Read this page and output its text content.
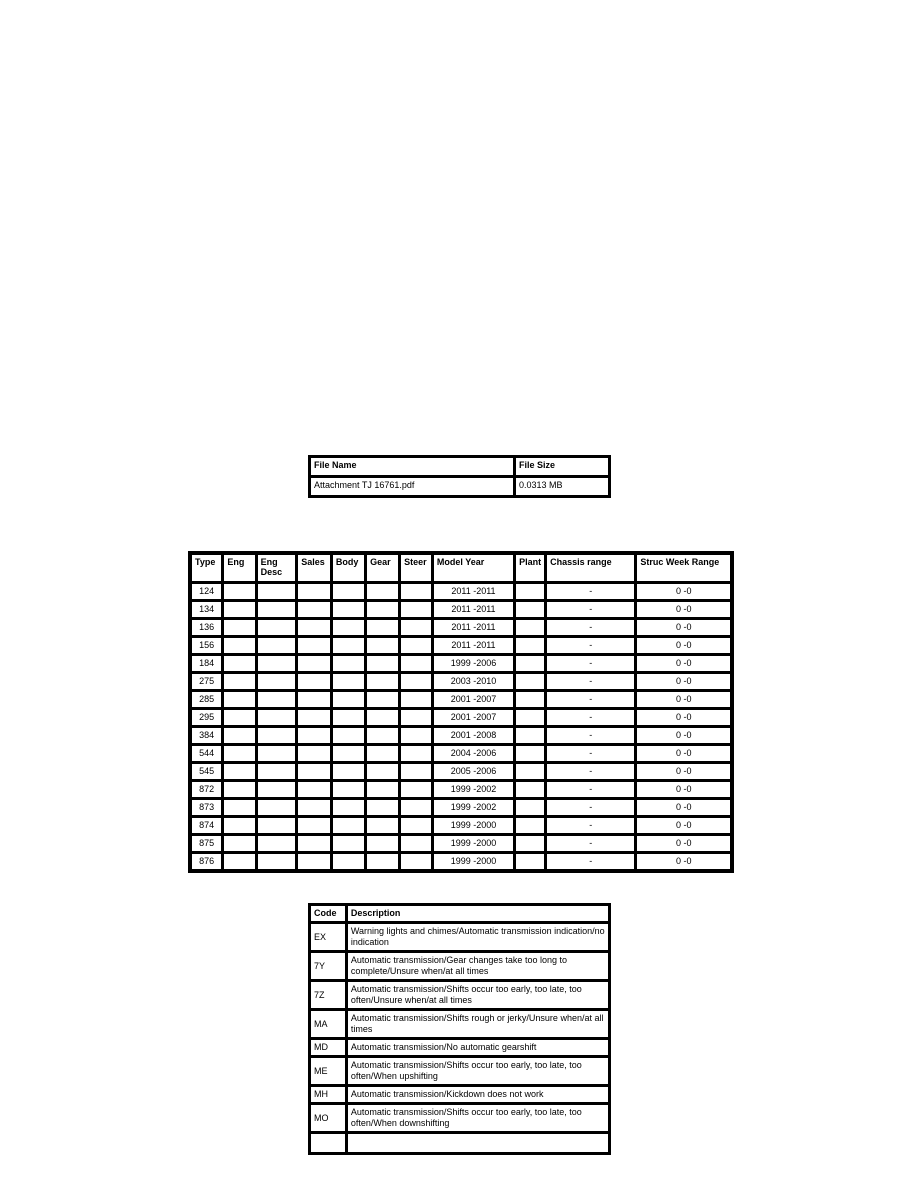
File Name	File Size
Attachment TJ 16761.pdf	0.0313 MB
Type	Eng	Eng Desc	Sales	Body	Gear	Steer	Model Year	Plant	Chassis range	Struc Week Range
124							2011 -2011		-	0 -0
134							2011 -2011		-	0 -0
136							2011 -2011		-	0 -0
156							2011 -2011		-	0 -0
184							1999 -2006		-	0 -0
275							2003 -2010		-	0 -0
285							2001 -2007		-	0 -0
295							2001 -2007		-	0 -0
384							2001 -2008		-	0 -0
544							2004 -2006		-	0 -0
545							2005 -2006		-	0 -0
872							1999 -2002		-	0 -0
873							1999 -2002		-	0 -0
874							1999 -2000		-	0 -0
875							1999 -2000		-	0 -0
876							1999 -2000		-	0 -0
Code	Description
EX	Warning lights and chimes/Automatic transmission indication/no indication
7Y	Automatic transmission/Gear changes take too long to complete/Unsure when/at all times
7Z	Automatic transmission/Shifts occur too early, too late, too often/Unsure when/at all times
MA	Automatic transmission/Shifts rough or jerky/Unsure when/at all times
MD	Automatic transmission/No automatic gearshift
ME	Automatic transmission/Shifts occur too early, too late, too often/When upshifting
MH	Automatic transmission/Kickdown does not work
MO	Automatic transmission/Shifts occur too early, too late, too often/When downshifting
